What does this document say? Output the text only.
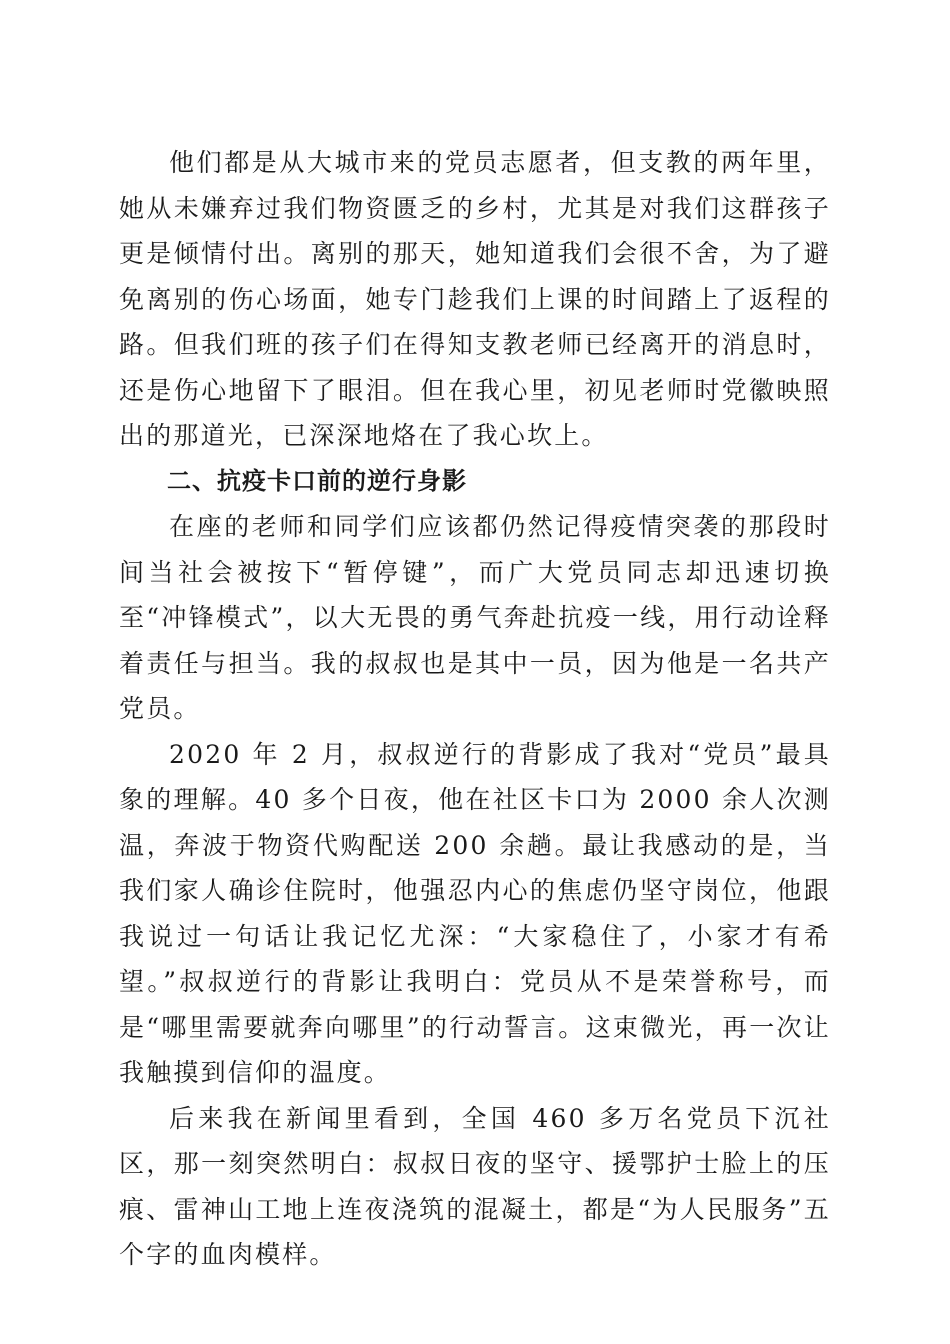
他们都是从大城市来的党员志愿者，但支教的两年里，她从未嫌弃过我们物资匮乏的乡村，尤其是对我们这群孩子更是倾情付出。离别的那天，她知道我们会很不舍，为了避免离别的伤心场面，她专门趁我们上课的时间踏上了返程的路。但我们班的孩子们在得知支教老师已经离开的消息时，还是伤心地留下了眼泪。但在我心里，初见老师时党徽映照出的那道光，已深深地烙在了我心坎上。

二、抗疫卡口前的逆行身影

在座的老师和同学们应该都仍然记得疫情突袭的那段时间当社会被按下“暂停键”，而广大党员同志却迅速切换至“冲锋模式”，以大无畏的勇气奔赴抗疫一线，用行动诠释着责任与担当。我的叔叔也是其中一员，因为他是一名共产党员。

2020 年 2 月，叔叔逆行的背影成了我对“党员”最具象的理解。40 多个日夜，他在社区卡口为 2000 余人次测温，奔波于物资代购配送 200 余趟。最让我感动的是，当我们家人确诊住院时，他强忍内心的焦虑仍坚守岗位，他跟我说过一句话让我记忆尤深：“大家稳住了，小家才有希望。”叔叔逆行的背影让我明白：党员从不是荣誉称号，而是“哪里需要就奔向哪里”的行动誓言。这束微光，再一次让我触摸到信仰的温度。

后来我在新闻里看到，全国 460 多万名党员下沉社区，那一刻突然明白：叔叔日夜的坚守、援鄂护士脸上的压痕、雷神山工地上连夜浇筑的混凝土，都是“为人民服务”五个字的血肉模样。
